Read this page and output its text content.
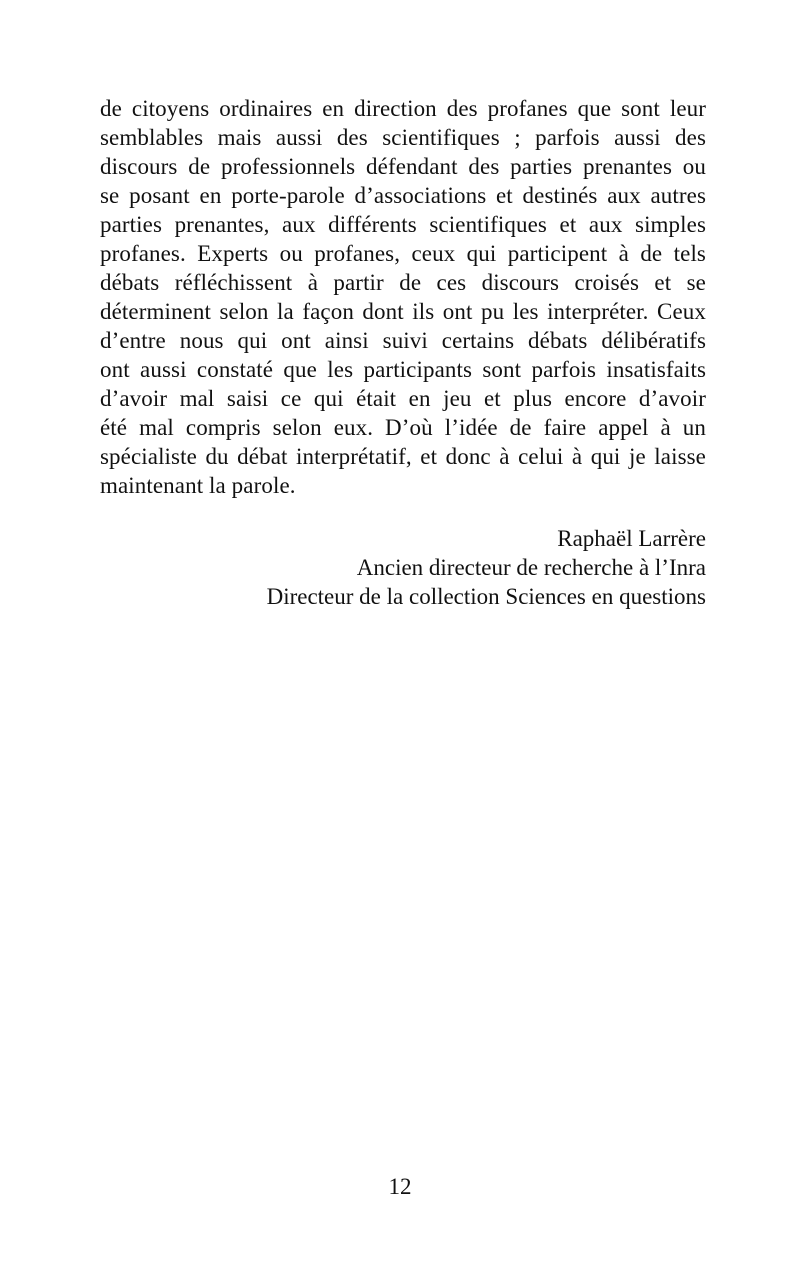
de citoyens ordinaires en direction des profanes que sont leur
semblables mais aussi des scientifiques ; parfois aussi des
discours de professionnels défendant des parties prenantes ou
se posant en porte-parole d’associations et destinés aux autres
parties prenantes, aux différents scientifiques et aux simples
profanes. Experts ou profanes, ceux qui participent à de tels
débats réfléchissent à partir de ces discours croisés et se
déterminent selon la façon dont ils ont pu les interpréter. Ceux
d’entre nous qui ont ainsi suivi certains débats délibératifs
ont aussi constaté que les participants sont parfois insatisfaits
d’avoir mal saisi ce qui était en jeu et plus encore d’avoir
été mal compris selon eux. D’où l’idée de faire appel à un
spécialiste du débat interprétatif, et donc à celui à qui je laisse
maintenant la parole.
Raphaël Larrère
Ancien directeur de recherche à l’Inra
Directeur de la collection Sciences en questions
12
